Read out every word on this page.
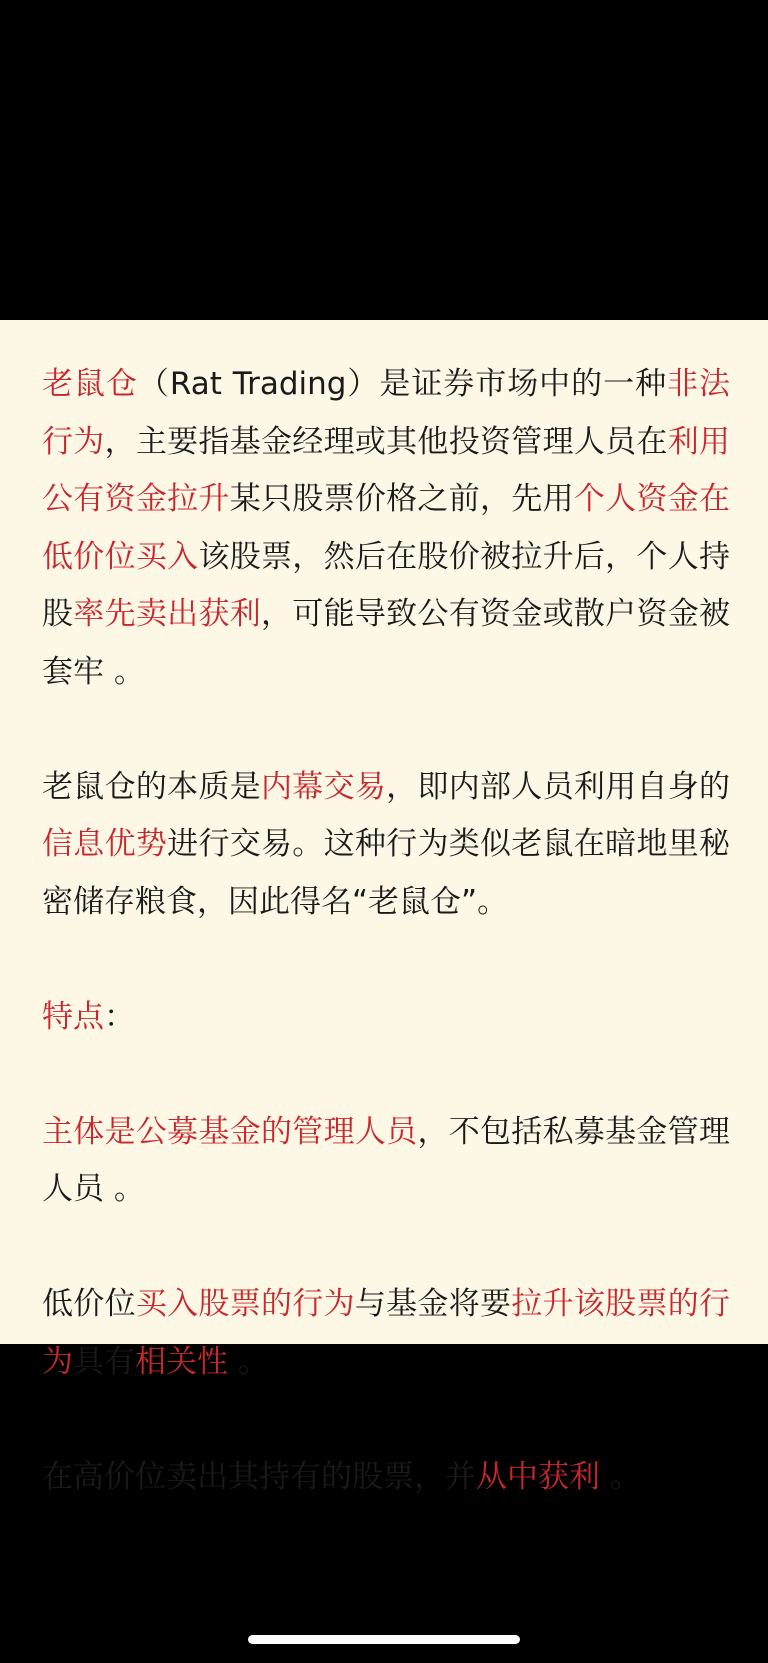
老鼠仓（Rat Trading）是证券市场中的一种非法行为，主要指基金经理或其他投资管理人员在利用公有资金拉升某只股票价格之前，先用个人资金在低价位买入该股票，然后在股价被拉升后，个人持股率先卖出获利，可能导致公有资金或散户资金被套牢 。

老鼠仓的本质是内幕交易，即内部人员利用自身的信息优势进行交易。这种行为类似老鼠在暗地里秘密储存粮食，因此得名“老鼠仓”。

特点：

主体是公募基金的管理人员，不包括私募基金管理人员 。

低价位买入股票的行为与基金将要拉升该股票的行为具有相关性 。

在高价位卖出其持有的股票，并从中获利 。
